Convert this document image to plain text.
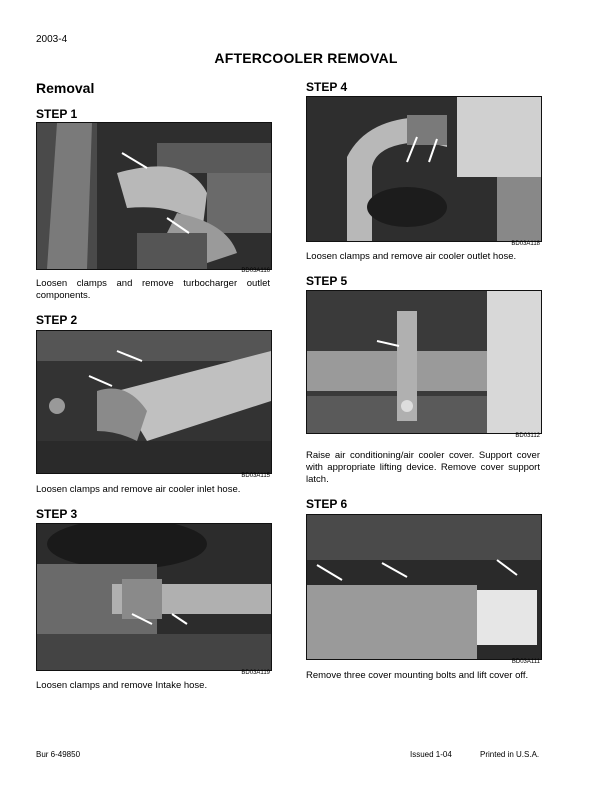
2003-4
AFTERCOOLER REMOVAL
Removal
STEP 1
BD03A116
Loosen clamps and remove turbocharger outlet components.
STEP 2
BD03A115
Loosen clamps and remove air cooler inlet hose.
STEP 3
BD03A119
Loosen clamps and remove Intake hose.
STEP 4
BD03A118
Loosen clamps and remove air cooler outlet hose.
STEP 5
BD03112
Raise air conditioning/air cooler cover. Support cover with appropriate lifting device. Remove cover support latch.
STEP 6
BD03A111
Remove three cover mounting bolts and lift cover off.
Bur 6-49850	Issued 1-04	Printed in U.S.A.
